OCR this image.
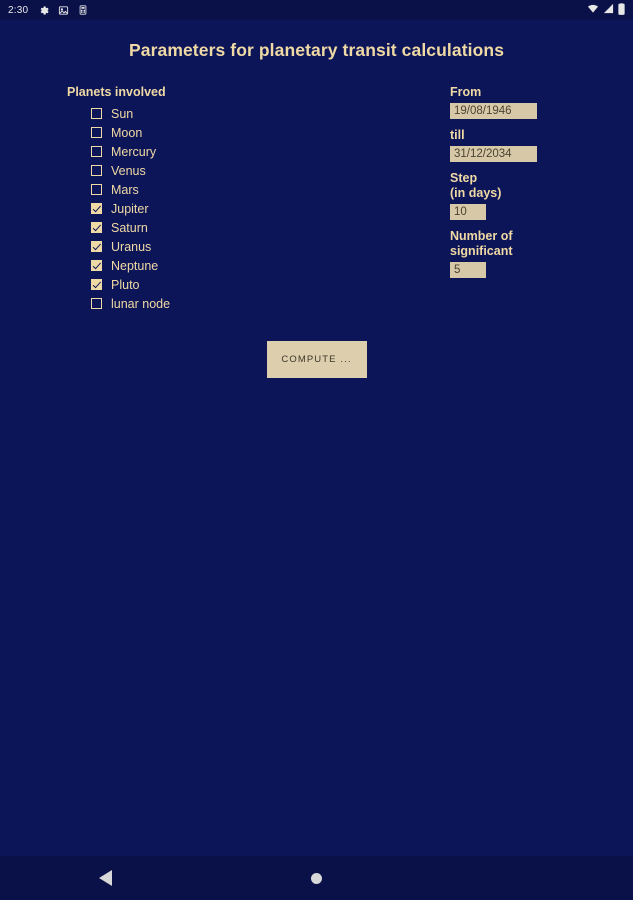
2:30
Parameters for planetary transit calculations
Planets involved
Sun
Moon
Mercury
Venus
Mars
Jupiter
Saturn
Uranus
Neptune
Pluto
lunar node
From
19/08/1946
till
31/12/2034
Step
(in days)
10
Number of
significant
5
COMPUTE ...
